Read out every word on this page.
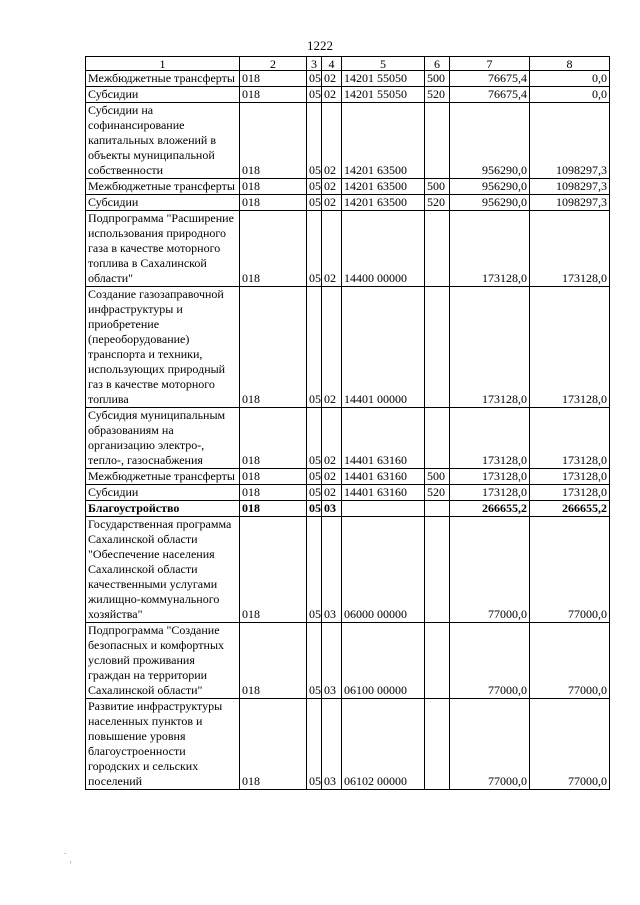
1222
1	2	3	4	5	6	7	8
Межбюджетные трансферты	018	05	02	14201 55050	500	76675,4	0,0
Субсидии	018	05	02	14201 55050	520	76675,4	0,0
Субсидии на софинансирование капитальных вложений в объекты муниципальной собственности	018	05	02	14201 63500		956290,0	1098297,3
Межбюджетные трансферты	018	05	02	14201 63500	500	956290,0	1098297,3
Субсидии	018	05	02	14201 63500	520	956290,0	1098297,3
Подпрограмма "Расширение использования природного газа в качестве моторного топлива в Сахалинской области"	018	05	02	14400 00000		173128,0	173128,0
Создание газозаправочной инфраструктуры и приобретение (переоборудование) транспорта и техники, использующих природный газ в качестве моторного топлива	018	05	02	14401 00000		173128,0	173128,0
Субсидия муниципальным образованиям на организацию электро-, тепло-, газоснабжения	018	05	02	14401 63160		173128,0	173128,0
Межбюджетные трансферты	018	05	02	14401 63160	500	173128,0	173128,0
Субсидии	018	05	02	14401 63160	520	173128,0	173128,0
Благоустройство	018	05	03			266655,2	266655,2
Государственная программа Сахалинской области "Обеспечение населения Сахалинской области качественными услугами жилищно-коммунального хозяйства"	018	05	03	06000 00000		77000,0	77000,0
Подпрограмма "Создание безопасных и комфортных условий проживания граждан на территории Сахалинской области"	018	05	03	06100 00000		77000,0	77000,0
Развитие инфраструктуры населенных пунктов и повышение уровня благоустроенности городских и сельских поселений	018	05	03	06102 00000		77000,0	77000,0
.
'
